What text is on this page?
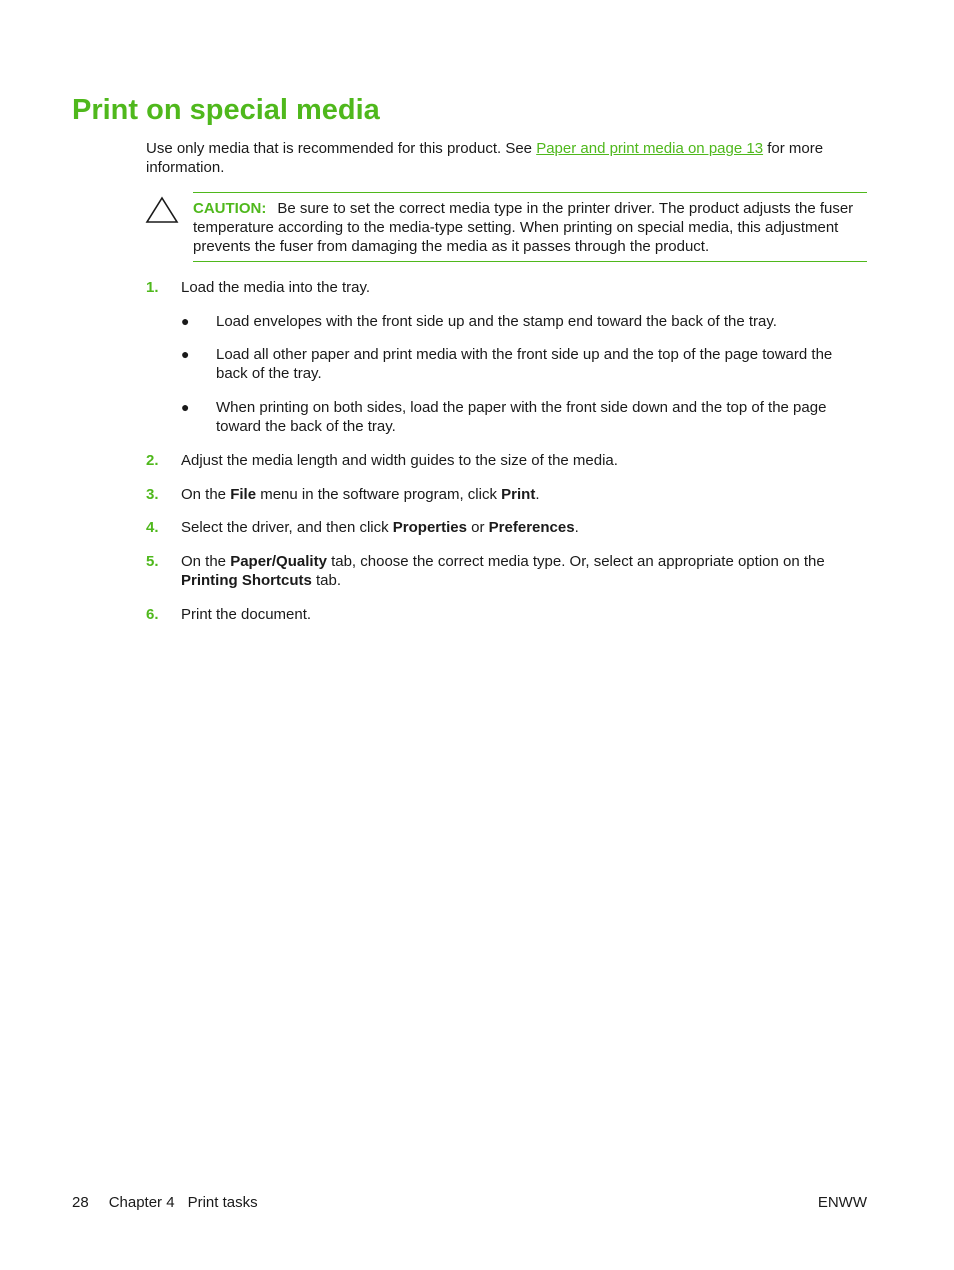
Print on special media

Use only media that is recommended for this product. See Paper and print media on page 13 for more information.

CAUTION: Be sure to set the correct media type in the printer driver. The product adjusts the fuser temperature according to the media-type setting. When printing on special media, this adjustment prevents the fuser from damaging the media as it passes through the product.

1. Load the media into the tray.
● Load envelopes with the front side up and the stamp end toward the back of the tray.
● Load all other paper and print media with the front side up and the top of the page toward the back of the tray.
● When printing on both sides, load the paper with the front side down and the top of the page toward the back of the tray.
2. Adjust the media length and width guides to the size of the media.
3. On the File menu in the software program, click Print.
4. Select the driver, and then click Properties or Preferences.
5. On the Paper/Quality tab, choose the correct media type. Or, select an appropriate option on the Printing Shortcuts tab.
6. Print the document.
28 Chapter 4 Print tasks	ENWW
